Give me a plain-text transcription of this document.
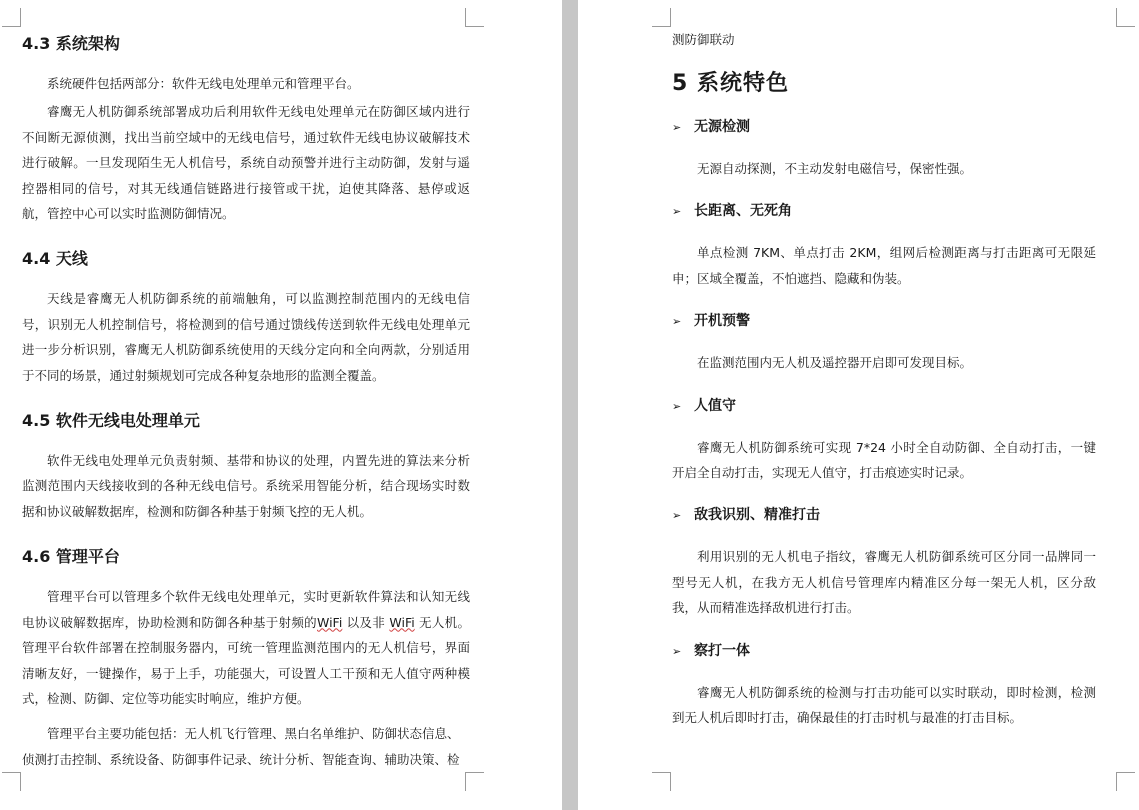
4.3 系统架构

系统硬件包括两部分：软件无线电处理单元和管理平台。

睿鹰无人机防御系统部署成功后利用软件无线电处理单元在防御区域内进行不间断无源侦测，找出当前空域中的无线电信号，通过软件无线电协议破解技术进行破解。一旦发现陌生无人机信号，系统自动预警并进行主动防御，发射与遥控器相同的信号，对其无线通信链路进行接管或干扰，迫使其降落、悬停或返航，管控中心可以实时监测防御情况。

4.4 天线

天线是睿鹰无人机防御系统的前端触角，可以监测控制范围内的无线电信号，识别无人机控制信号，将检测到的信号通过馈线传送到软件无线电处理单元进一步分析识别，睿鹰无人机防御系统使用的天线分定向和全向两款，分别适用于不同的场景，通过射频规划可完成各种复杂地形的监测全覆盖。

4.5 软件无线电处理单元

软件无线电处理单元负责射频、基带和协议的处理，内置先进的算法来分析监测范围内天线接收到的各种无线电信号。系统采用智能分析，结合现场实时数据和协议破解数据库，检测和防御各种基于射频飞控的无人机。

4.6 管理平台

管理平台可以管理多个软件无线电处理单元，实时更新软件算法和认知无线电协议破解数据库，协助检测和防御各种基于射频的WiFi 以及非 WiFi 无人机。管理平台软件部署在控制服务器内，可统一管理监测范围内的无人机信号，界面清晰友好，一键操作，易于上手，功能强大，可设置人工干预和无人值守两种模式，检测、防御、定位等功能实时响应，维护方便。

管理平台主要功能包括：无人机飞行管理、黑白名单维护、防御状态信息、侦测打击控制、系统设备、防御事件记录、统计分析、智能查询、辅助决策、检

测防御联动
5 系统特色
➢ 无源检测

无源自动探测，不主动发射电磁信号，保密性强。

➢ 长距离、无死角

单点检测 7KM、单点打击 2KM，组网后检测距离与打击距离可无限延申；区域全覆盖，不怕遮挡、隐藏和伪装。

➢ 开机预警

在监测范围内无人机及遥控器开启即可发现目标。

➢ 人值守

睿鹰无人机防御系统可实现 7*24 小时全自动防御、全自动打击，一键开启全自动打击，实现无人值守，打击痕迹实时记录。

➢ 敌我识别、精准打击

利用识别的无人机电子指纹，睿鹰无人机防御系统可区分同一品牌同一型号无人机，在我方无人机信号管理库内精准区分每一架无人机，区分敌我，从而精准选择敌机进行打击。

➢ 察打一体

睿鹰无人机防御系统的检测与打击功能可以实时联动，即时检测，检测到无人机后即时打击，确保最佳的打击时机与最准的打击目标。
